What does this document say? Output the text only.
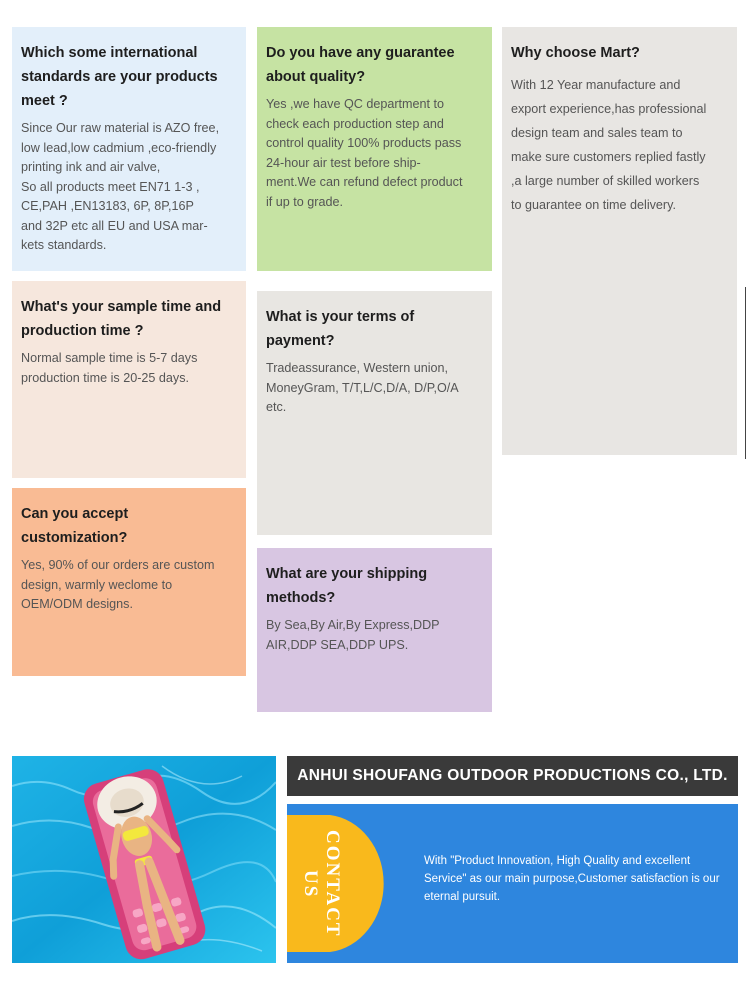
Which some international standards are your products meet ?

Since Our raw material is AZO free,
low lead,low cadmium ,eco-friendly
printing ink and air valve,
So all products meet EN71 1-3 ,
CE,PAH ,EN13183, 6P, 8P,16P
and 32P etc all EU and USA mar-
kets standards.

Do you have any guarantee about quality?

Yes ,we have QC department to
check each production step and
control quality 100% products pass
24-hour air test before ship-
ment.We can refund defect product
if up to grade.

Why choose Mart?

With 12 Year manufacture and
export experience,has professional
design team and sales team to
make sure customers replied fastly
,a large number of skilled workers
to guarantee on time delivery.

What's your sample time and production time ?

Normal sample time is 5-7 days
production time is 20-25 days.

What is your terms of payment?

Tradeassurance, Western union,
MoneyGram, T/T,L/C,D/A, D/P,O/A
etc.

Can you accept customization?

Yes, 90% of our orders are custom
design, warmly weclome to
OEM/ODM designs.

What are your shipping methods?

By Sea,By Air,By Express,DDP
AIR,DDP SEA,DDP UPS.

ANHUI SHOUFANG OUTDOOR PRODUCTIONS CO., LTD.
CONTACT US
With "Product Innovation, High Quality and excellent Service" as our main purpose,Customer satisfaction is our eternal pursuit.
